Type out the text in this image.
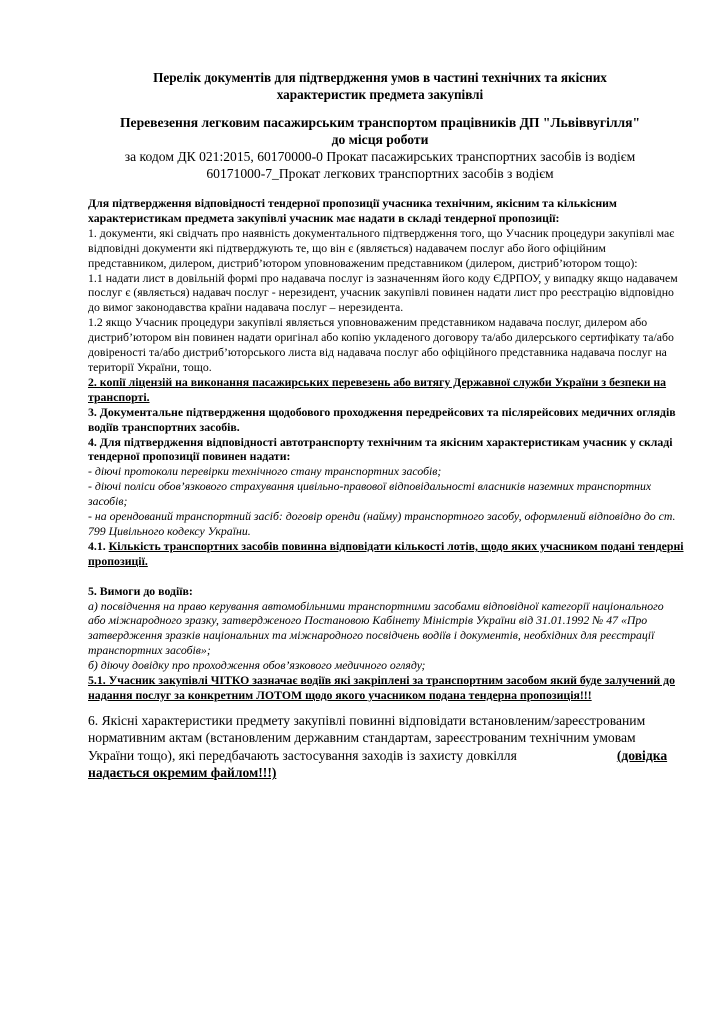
Перелік документів для підтвердження умов в частині технічних та якісних
характеристик предмета закупівлі
Перевезення легковим пасажирським транспортом працівників ДП "Львіввугілля"
до місця роботи
за кодом ДК 021:2015, 60170000-0 Прокат пасажирських транспортних засобів із водієм
60171000-7_Прокат легкових транспортних засобів з водієм

Для підтвердження відповідності тендерної пропозиції учасника технічним, якісним та кількісним характеристикам предмета закупівлі учасник має надати в складі тендерної пропозиції:

1. документи, які свідчать про наявність документального підтвердження того, що Учасник процедури закупівлі має відповідні документи які підтверджують те, що він є (являється) надавачем послуг або його офіційним представником, дилером, дистриб’ютором уповноваженим представником (дилером, дистриб’ютором тощо):

1.1 надати лист в довільній формі про надавача послуг із зазначенням його коду ЄДРПОУ, у випадку якщо надавачем послуг є (являється) надавач послуг - нерезидент, учасник закупівлі повинен надати лист про реєстрацію відповідно до вимог законодавства країни надавача послуг – нерезидента.

1.2 якщо Учасник процедури закупівлі являється уповноваженим представником надавача послуг, дилером або дистриб’ютором він повинен надати оригінал або копію укладеного договору та/або дилерського сертифікату та/або довіреності та/або дистриб’юторського листа від надавача послуг або офіційного представника надавача послуг на території України, тощо.

2. копії ліцензій на виконання пасажирських перевезень або витягу Державної служби України з безпеки на транспорті.

3. Документальне підтвердження щодобового проходження передрейсових та післярейсових медичних оглядів водіїв транспортних засобів.

4. Для підтвердження відповідності автотранспорту технічним та якісним характеристикам учасник у складі тендерної пропозиції повинен надати:

- діючі протоколи перевірки технічного стану транспортних засобів;

- діючі поліси обов’язкового страхування цивільно-правової відповідальності власників наземних транспортних засобів;

- на орендований транспортний засіб: договір оренди (найму) транспортного засобу, оформлений відповідно до ст. 799 Цивільного кодексу України.

4.1. Кількість транспортних засобів повинна відповідати кількості лотів, щодо яких учасником подані тендерні пропозиції.

5. Вимоги до водіїв:

а) посвідчення на право керування автомобільними транспортними засобами відповідної категорії національного або міжнародного зразку, затвердженого Постановою Кабінету Міністрів України від 31.01.1992 № 47 «Про затвердження зразків національних та міжнародного посвідчень водіїв і документів, необхідних для реєстрації транспортних засобів»;

б) діючу довідку про проходження обов’язкового медичного огляду;

5.1. Учасник закупівлі ЧІТКО зазначає водіїв які закріплені за транспортним засобом який буде залучений до надання послуг за конкретним ЛОТОМ щодо якого учасником подана тендерна пропозиція!!!

6. Якісні характеристики предмету закупівлі повинні відповідати встановленим/зареєстрованим нормативним актам (встановленим державним стандартам, зареєстрованим технічним умовам України тощо), які передбачають застосування заходів із захисту довкілля	(довідка надається окремим файлом!!!)
